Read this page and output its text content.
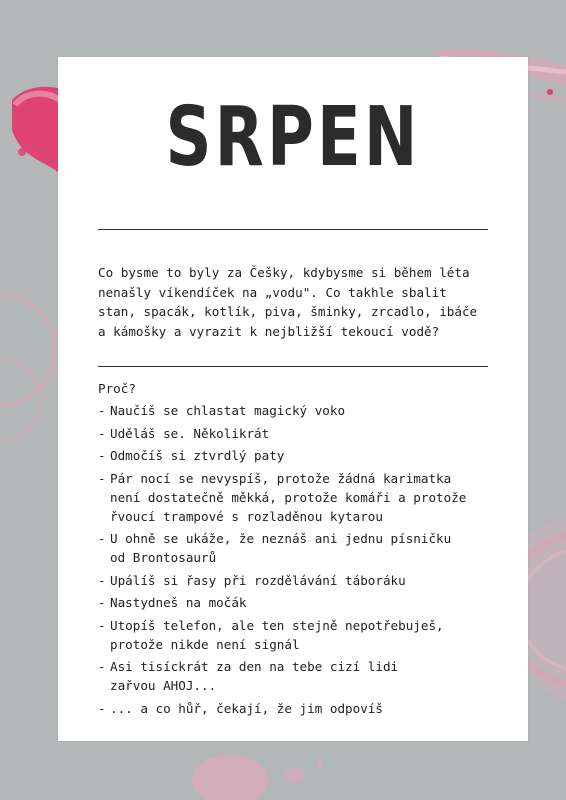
SRPEN

Co bysme to byly za Češky, kdybysme si během léta

nenašly víkendíček na „vodu". Co takhle sbalit

stan, spacák, kotlík, piva, šminky, zrcadlo, ibáče

a kámošky a vyrazit k nejbližší tekoucí vodě?

Proč?
- Naučíš se chlastat magický voko
- Uděláš se. Několikrát
- Odmočíš si ztvrdlý paty
- Pár nocí se nevyspíš, protože žádná karimatka
není dostatečně měkká, protože komáři a protože
řvoucí trampové s rozladěnou kytarou
- U ohně se ukáže, že neznáš ani jednu písničku
od Brontosaurů
- Upálíš si řasy při rozdělávání táboráku
- Nastydneš na močák
- Utopíš telefon, ale ten stejně nepotřebuješ,
protože nikde není signál
- Asi tisíckrát za den na tebe cizí lidi
zařvou AHOJ...
- ... a co hůř, čekají, že jim odpovíš
